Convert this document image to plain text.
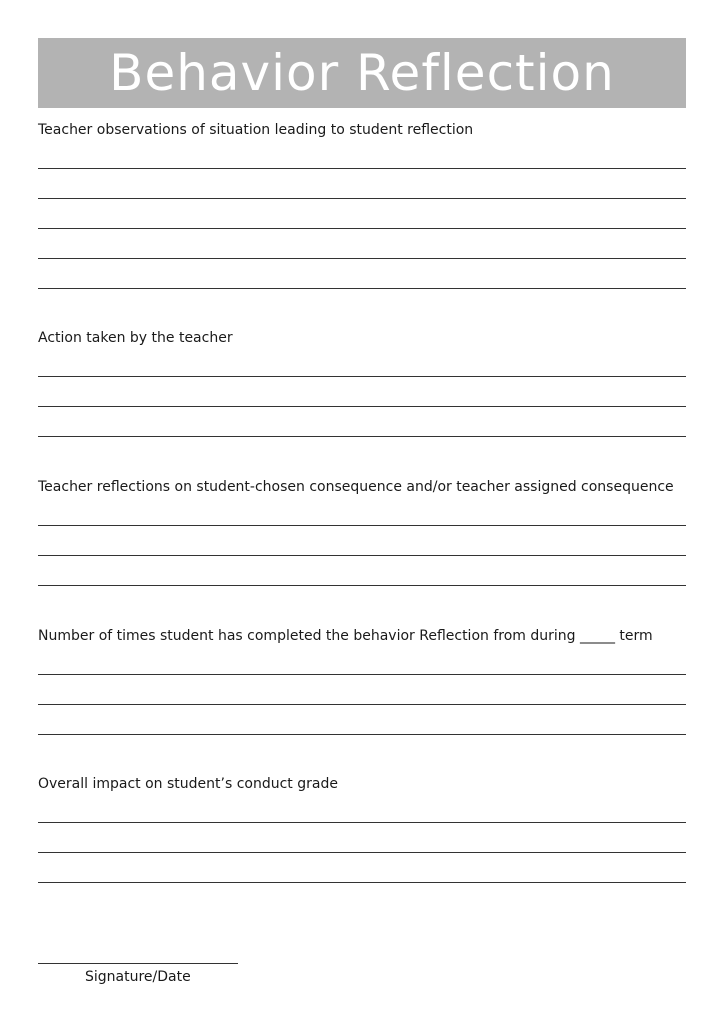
Behavior Reflection
Teacher observations of situation leading to student reflection
Action taken by the teacher
Teacher reflections on student-chosen consequence and/or teacher assigned consequence
Number of times student has completed the behavior Reflection from during _____ term
Overall impact on student’s conduct grade
Signature/Date
